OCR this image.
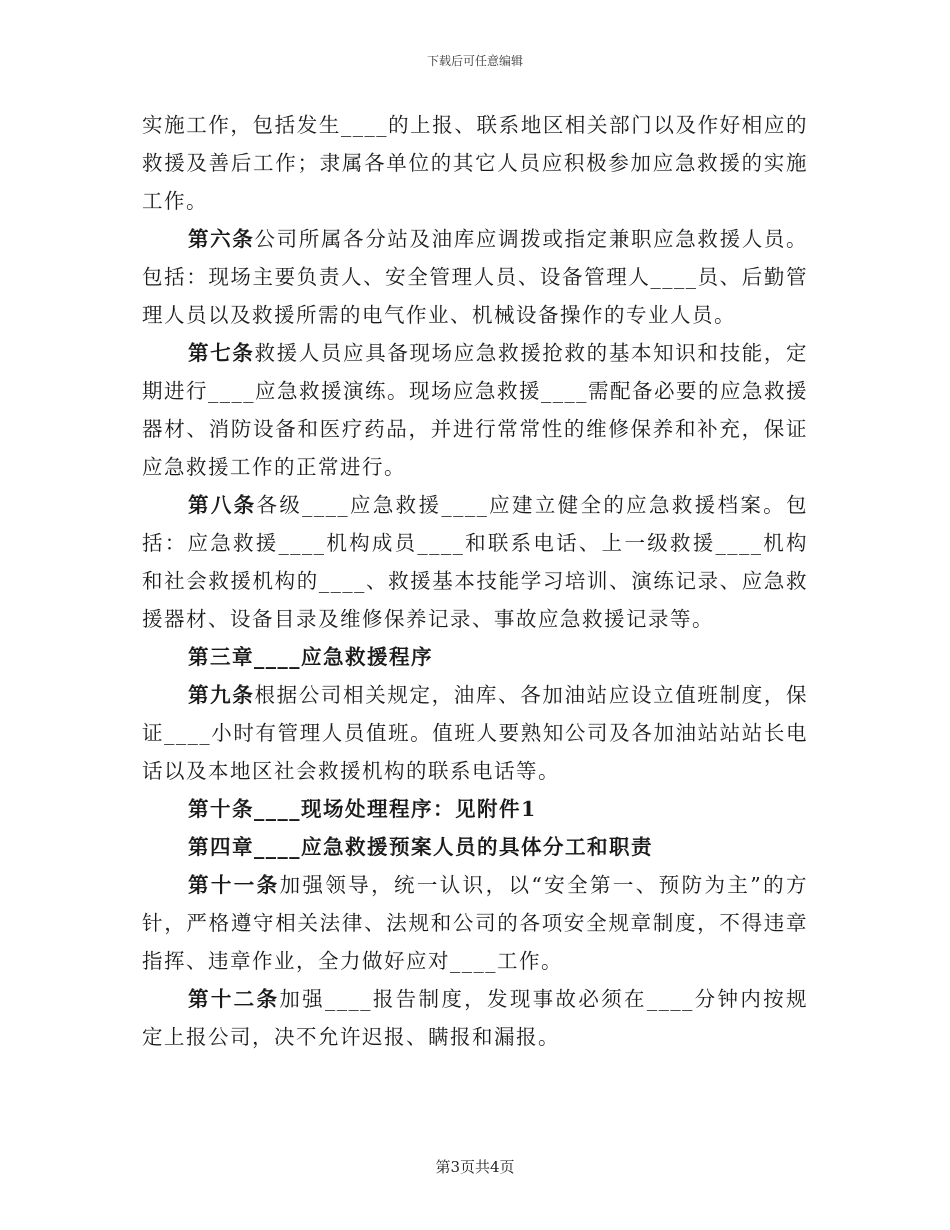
下载后可任意编辑

实施工作，包括发生____的上报、联系地区相关部门以及作好相应的救援及善后工作；隶属各单位的其它人员应积极参加应急救援的实施工作。

第六条公司所属各分站及油库应调拨或指定兼职应急救援人员。包括：现场主要负责人、安全管理人员、设备管理人____员、后勤管理人员以及救援所需的电气作业、机械设备操作的专业人员。

第七条救援人员应具备现场应急救援抢救的基本知识和技能，定期进行____应急救援演练。现场应急救援____需配备必要的应急救援器材、消防设备和医疗药品，并进行常常性的维修保养和补充，保证应急救援工作的正常进行。

第八条各级____应急救援____应建立健全的应急救援档案。包括：应急救援____机构成员____和联系电话、上一级救援____机构和社会救援机构的____、救援基本技能学习培训、演练记录、应急救援器材、设备目录及维修保养记录、事故应急救援记录等。

第三章____应急救援程序

第九条根据公司相关规定，油库、各加油站应设立值班制度，保证____小时有管理人员值班。值班人要熟知公司及各加油站站站长电话以及本地区社会救援机构的联系电话等。

第十条____现场处理程序：见附件1

第四章____应急救援预案人员的具体分工和职责

第十一条加强领导，统一认识，以“安全第一、预防为主”的方针，严格遵守相关法律、法规和公司的各项安全规章制度，不得违章指挥、违章作业，全力做好应对____工作。

第十二条加强____报告制度，发现事故必须在____分钟内按规定上报公司，决不允许迟报、瞒报和漏报。

第3页共4页
